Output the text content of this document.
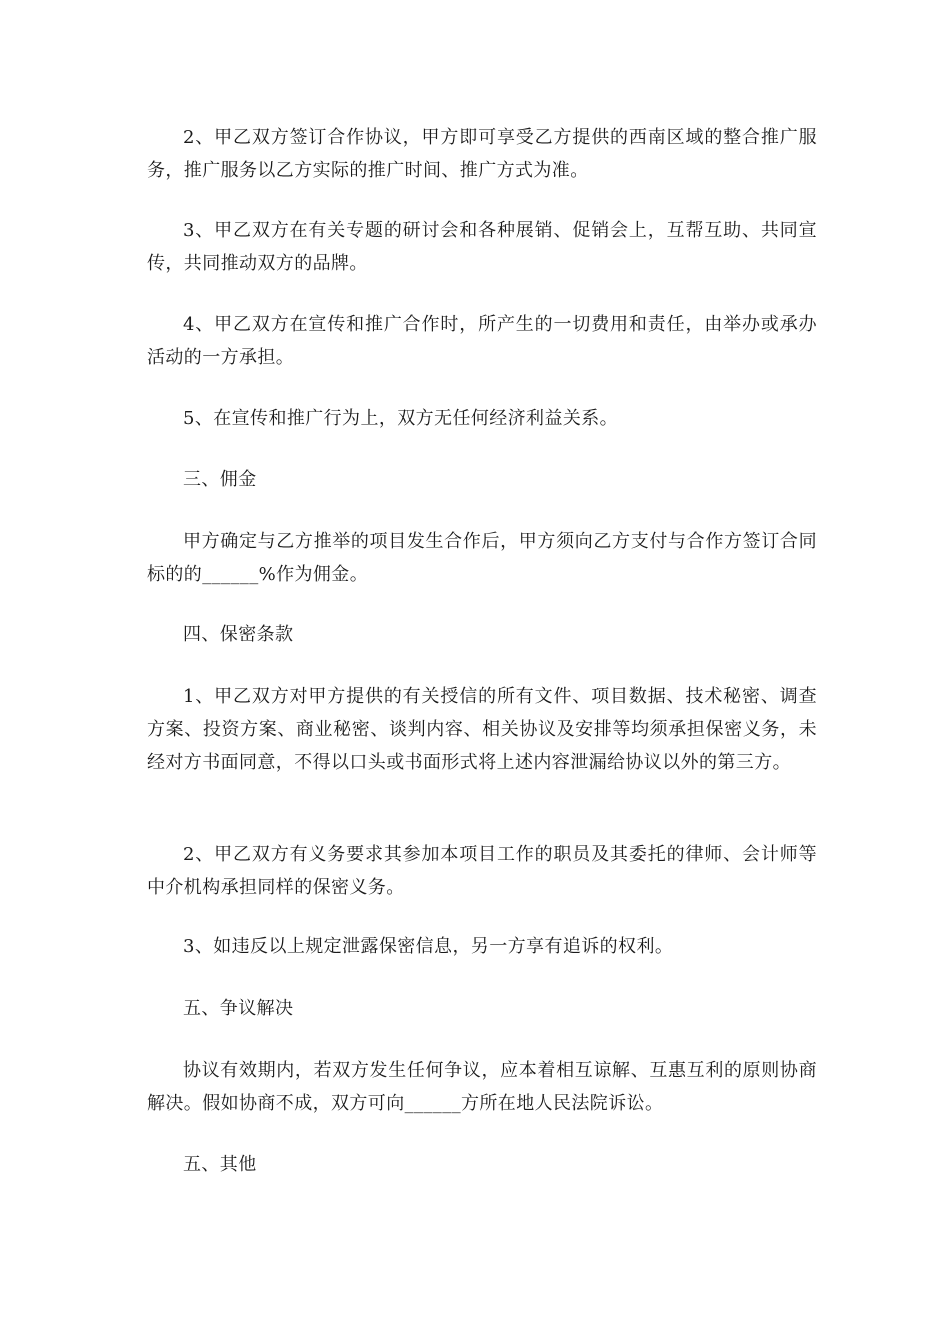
2、甲乙双方签订合作协议，甲方即可享受乙方提供的西南区域的整合推广服务，推广服务以乙方实际的推广时间、推广方式为准。

3、甲乙双方在有关专题的研讨会和各种展销、促销会上，互帮互助、共同宣传，共同推动双方的品牌。

4、甲乙双方在宣传和推广合作时，所产生的一切费用和责任，由举办或承办活动的一方承担。

5、在宣传和推广行为上，双方无任何经济利益关系。

三、佣金

甲方确定与乙方推举的项目发生合作后，甲方须向乙方支付与合作方签订合同标的的______%作为佣金。

四、保密条款

1、甲乙双方对甲方提供的有关授信的所有文件、项目数据、技术秘密、调查方案、投资方案、商业秘密、谈判内容、相关协议及安排等均须承担保密义务，未经对方书面同意，不得以口头或书面形式将上述内容泄漏给协议以外的第三方。

2、甲乙双方有义务要求其参加本项目工作的职员及其委托的律师、会计师等中介机构承担同样的保密义务。

3、如违反以上规定泄露保密信息，另一方享有追诉的权利。

五、争议解决

协议有效期内，若双方发生任何争议，应本着相互谅解、互惠互利的原则协商解决。假如协商不成，双方可向______方所在地人民法院诉讼。

五、其他
